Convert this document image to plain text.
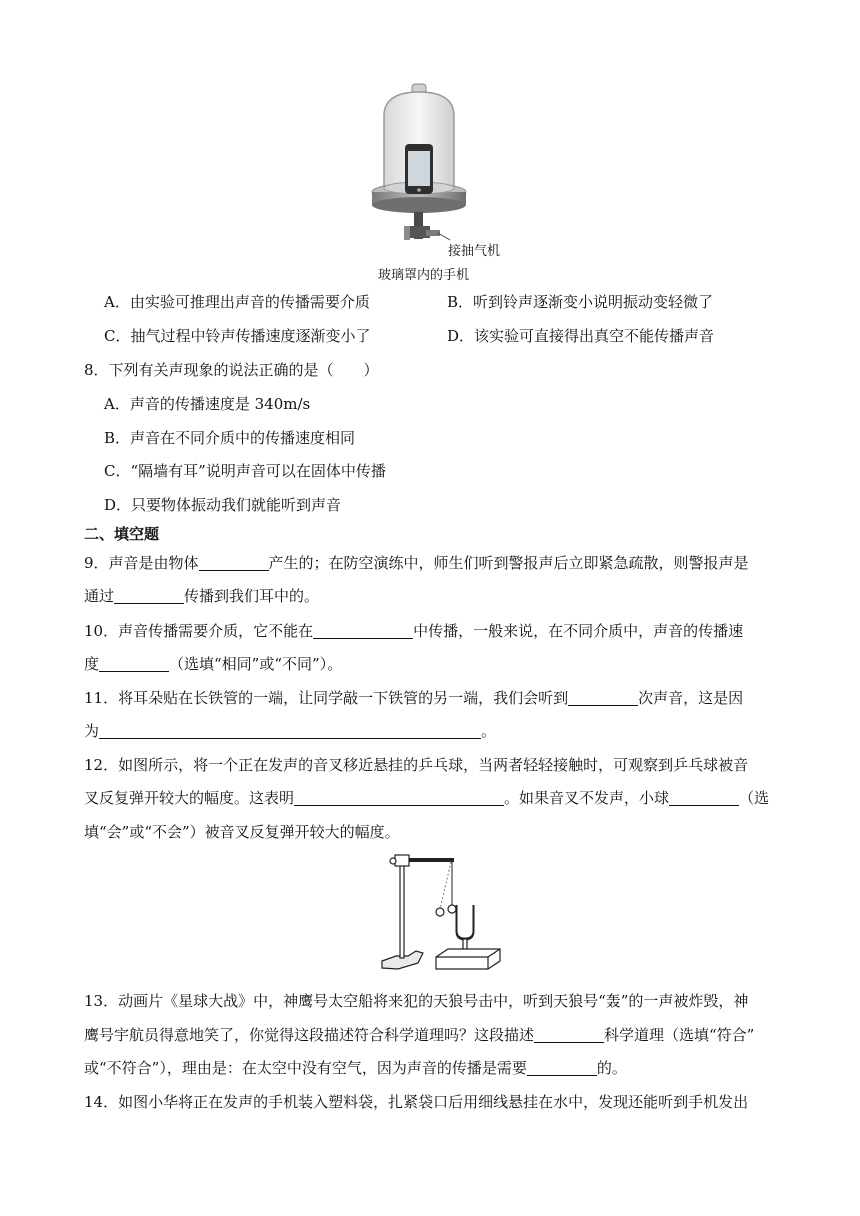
接抽气机
玻璃罩内的手机
A．由实验可推理出声音的传播需要介质	B．听到铃声逐渐变小说明振动变轻微了
C．抽气过程中铃声传播速度逐渐变小了	D．该实验可直接得出真空不能传播声音
8．下列有关声现象的说法正确的是（　　）
A．声音的传播速度是 340m/s
B．声音在不同介质中的传播速度相同
C．“隔墙有耳”说明声音可以在固体中传播
D．只要物体振动我们就能听到声音
二、填空题
9．声音是由物体	产生的；在防空演练中，师生们听到警报声后立即紧急疏散，则警报声是
通过	传播到我们耳中的。
10．声音传播需要介质，它不能在	中传播，一般来说，在不同介质中，声音的传播速
度	（选填“相同”或“不同”）。
11．将耳朵贴在长铁管的一端，让同学敲一下铁管的另一端，我们会听到	次声音，这是因
为	。
12．如图所示，将一个正在发声的音叉移近悬挂的乒乓球，当两者轻轻接触时，可观察到乒乓球被音
叉反复弹开较大的幅度。这表明	。如果音叉不发声，小球	（选
填“会”或“不会”）被音叉反复弹开较大的幅度。
13．动画片《星球大战》中，神鹰号太空船将来犯的天狼号击中，听到天狼号“轰”的一声被炸毁，神
鹰号宇航员得意地笑了，你觉得这段描述符合科学道理吗？这段描述	科学道理（选填“符合”
或“不符合”），理由是：在太空中没有空气，因为声音的传播是需要	的。
14．如图小华将正在发声的手机装入塑料袋，扎紧袋口后用细线悬挂在水中，发现还能听到手机发出
